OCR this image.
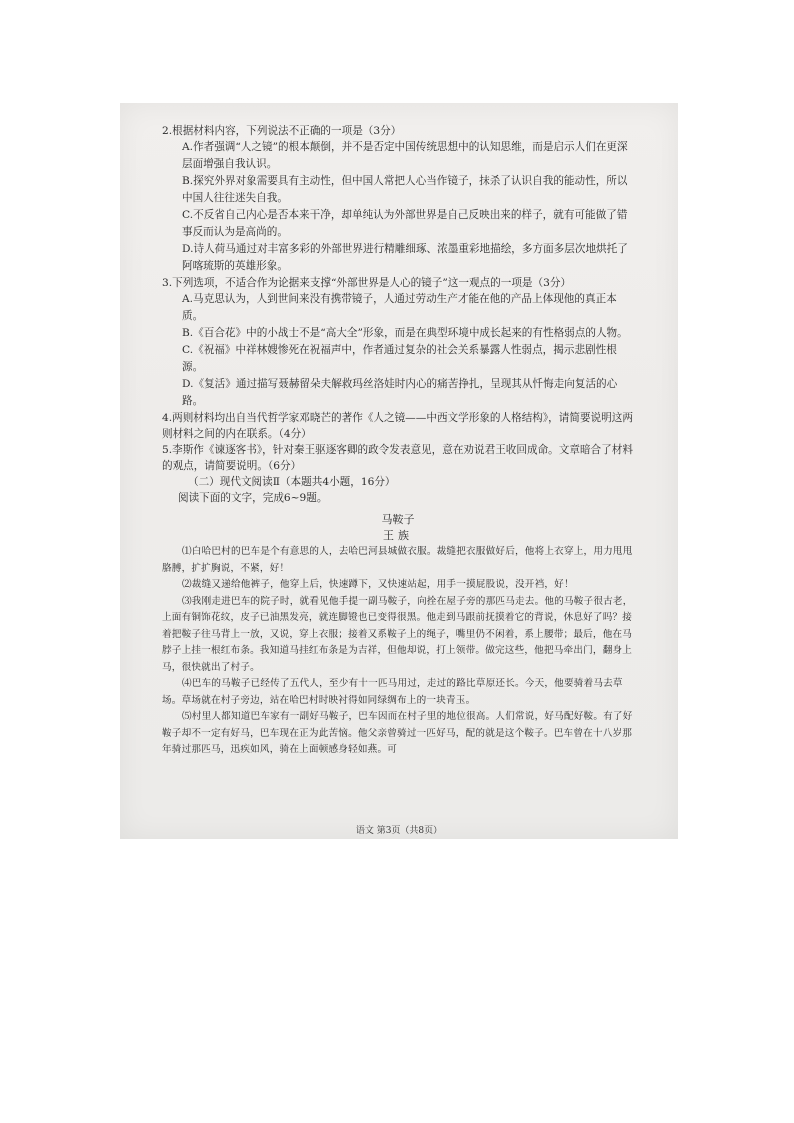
2.根据材料内容，下列说法不正确的一项是（3分）

A.作者强调“人之镜”的根本颠倒，并不是否定中国传统思想中的认知思维，而是启示人们在更深层面增强自我认识。

B.探究外界对象需要具有主动性，但中国人常把人心当作镜子，抹杀了认识自我的能动性，所以中国人往往迷失自我。

C.不反省自己内心是否本来干净，却单纯认为外部世界是自己反映出来的样子，就有可能做了错事反而认为是高尚的。

D.诗人荷马通过对丰富多彩的外部世界进行精雕细琢、浓墨重彩地描绘，多方面多层次地烘托了阿喀琉斯的英雄形象。

3.下列选项，不适合作为论据来支撑“外部世界是人心的镜子”这一观点的一项是（3分）

A.马克思认为，人到世间来没有携带镜子，人通过劳动生产才能在他的产品上体现他的真正本质。

B.《百合花》中的小战士不是“高大全”形象，而是在典型环境中成长起来的有性格弱点的人物。

C.《祝福》中祥林嫂惨死在祝福声中，作者通过复杂的社会关系暴露人性弱点，揭示悲剧性根源。

D.《复活》通过描写聂赫留朵夫解救玛丝洛娃时内心的痛苦挣扎，呈现其从忏悔走向复活的心路。

4.两则材料均出自当代哲学家邓晓芒的著作《人之镜——中西文学形象的人格结构》，请简要说明这两则材料之间的内在联系。（4分）

5.李斯作《谏逐客书》，针对秦王驱逐客卿的政令发表意见，意在劝说君王收回成命。文章暗合了材料的观点，请简要说明。（6分）

（二）现代文阅读Ⅱ（本题共4小题，16分）

阅读下面的文字，完成6~9题。

马鞍子

王族

⑴白哈巴村的巴车是个有意思的人，去哈巴河县城做衣服。裁缝把衣服做好后，他将上衣穿上，用力甩甩胳膊，扩扩胸说，不紧，好！

⑵裁缝又递给他裤子，他穿上后，快速蹲下，又快速站起，用手一摸屁股说，没开裆，好！

⑶我刚走进巴车的院子时，就看见他手提一副马鞍子，向拴在屋子旁的那匹马走去。他的马鞍子很古老，上面有铜饰花纹，皮子已油黑发亮，就连脚镫也已变得很黑。他走到马跟前抚摸着它的背说，休息好了吗？接着把鞍子往马背上一放，又说，穿上衣服；接着又系鞍子上的绳子，嘴里仍不闲着，系上腰带；最后，他在马脖子上挂一根红布条。我知道马挂红布条是为吉祥，但他却说，打上领带。做完这些，他把马牵出门，翻身上马，很快就出了村子。

⑷巴车的马鞍子已经传了五代人，至少有十一匹马用过，走过的路比草原还长。今天，他要骑着马去草场。草场就在村子旁边，站在哈巴村时映衬得如同绿绸布上的一块青玉。

⑸村里人都知道巴车家有一副好马鞍子，巴车因而在村子里的地位很高。人们常说，好马配好鞍。有了好鞍子却不一定有好马，巴车现在正为此苦恼。他父亲曾骑过一匹好马，配的就是这个鞍子。巴车曾在十八岁那年骑过那匹马，迅疾如风，骑在上面顿感身轻如燕。可

语文 第3页（共8页）
